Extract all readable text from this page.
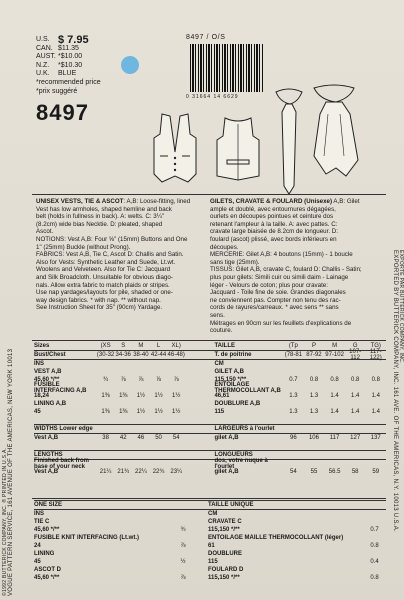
VOGUE PATTERN SERVICE, 161 AVENUE OF THE AMERICAS, NEW YORK 10013
©1992 BUTTERICK COMPANY, INC. ® PRINTED IN U.S.A.	EXPORTED BY BUTTERICK COMPANY, INC. 161 AVE. OF THE AMERICAS, N.Y. 10013 U.S.A. EXPORTÉ PAR BUTTERICK COMPANY, INC.
U.S. $ 7.95
CAN. $11.35
AUST. *$10.00
N.Z.	*$10.30
U.K.	BLUE
*recommended price
*prix suggéré
8497
8497 / O/S
0 31664 14 6629
UNISEX VESTS, TIE & ASCOT: A,B: Loose-fitting, lined
Vest has low armholes, shaped hemline and back
belt (holds in fullness in back). A: welts. C: 3¼"
(8.2cm) wide bias Necktie. D: pleated, shaped
Ascot.
NOTIONS: Vest A,B: Four ⅝" (15mm) Buttons and One
1" (25mm) Buckle (without Prong).
FABRICS: Vest A,B, Tie C, Ascot D: Challis and Satin.
Also for Vests: Synthetic Leather and Suede, Lt.wt.
Woolens and Velveteen. Also for Tie C: Jacquard
and Silk Broadcloth. Unsuitable for obvious diago-
nals. Allow extra fabric to match plaids or stripes.
Use nap yardages/layouts for pile, shaded or one-
way design fabrics. * with nap. ** without nap.
See Instruction Sheet for 35" (90cm) Yardage.
GILETS, CRAVATE & FOULARD (Unisexe) A,B: Gilet
ample et doublé, avec entournures dégagées,
ourlets en découpes pointues et ceinture dos
retenant l'ampleur à la taille. A: avec pattes. C:
cravate large biaisée de 8.2cm de longueur. D:
foulard (ascot) plissé, avec bords inférieurs en
découpes.
MERCERIE: Gilet A,B: 4 boutons (15mm) - 1 boucle
sans tige (25mm).
TISSUS: Gilet A,B, cravate C, foulard D: Challis - Satin;
plus pour gilets: Simili cuir ou simili daim - Lainage
léger - Velours de coton; plus pour cravate:
Jacquard - Toile fine de soie. Grandes diagonales
ne conviennent pas. Compter non tenu des rac-
cords de rayures/carreaux. * avec sens ** sans
sens.
Métrages en 90cm sur les feuillets d'explications de
couture.
Sizes	(XS	S	M	L	XL)	TAILLE	(Tp	P	M	G	TG)
Bust/Chest	(30-32 34-36 38-40 42-44 46-48)	T. de poitrine	(78-81 87-92 97-102 107-112
117-122)
INS	CM
VEST A,B	GILET A,B
45,60 */**	¾	⅞	⅞	⅞	⅞	115,150 */**	0.7	0.8	0.8	0.8	0.8
FUSIBLE INTERFACING A,B
ENTOILAGE THERMOCOLLANT A,B
18,24	1⅜	1⅜	1½	1½	1½	46,61	1.3	1.3	1.4	1.4	1.4
LINING A,B	DOUBLURE A,B
45	1⅜	1⅜	1½	1½	1½	115	1.3	1.3	1.4	1.4	1.4
WIDTHS Lower edge	LARGEURS à l'ourlet
Vest A,B	38	42	46	50	54	gilet A,B	96	106	117	127	137
LENGTHS	LONGUEURS
Finished back from base of your neck
dos, votre nuque à l'ourlet
Vest A,B	21¼ 21¾ 22¼ 22¾ 23¼	gilet A,B	54	55	56.5	58	59
ONE SIZE	TAILLE UNIQUE
INS	CM
TIE C	CRAVATE C
45,60 */**	¾	115,150 */**	0.7
FUSIBLE KNIT INTERFACING (Lt.wt.)	ENTOILAGE MAILLE THERMOCOLLANT (léger)
24	⅞	61	0.8
LINING	DOUBLURE
45	½	115	0.4
ASCOT D	FOULARD D
45,60 */**	⅞	115,150 */**	0.8
